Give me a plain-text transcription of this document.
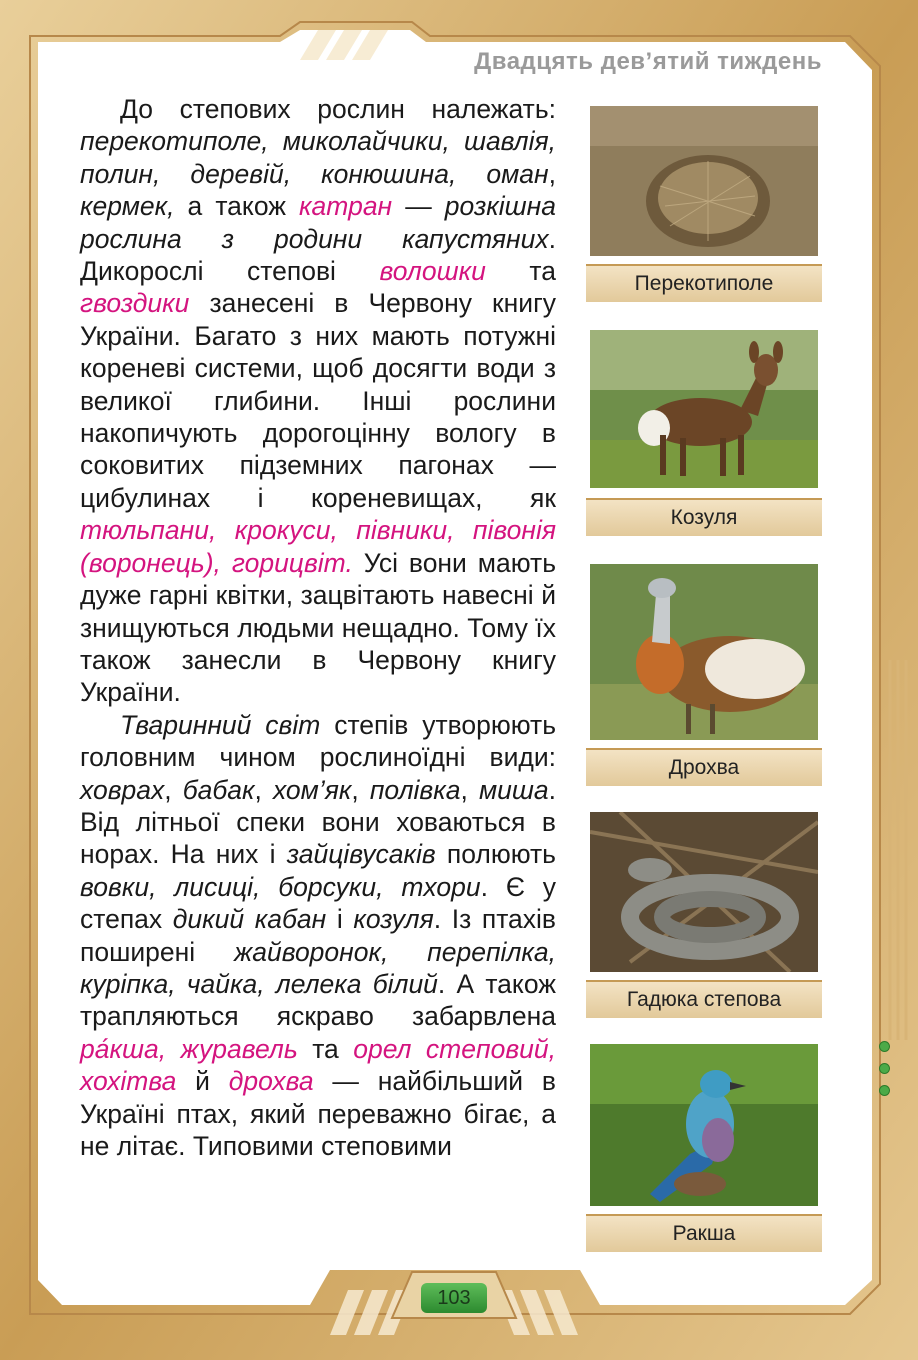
Двадцять дев’ятий тиждень

До степових рослин належать: перекотиполе, миколайчики, шавлія, полин, деревій, конюшина, оман, кермек, а також катран — розкішна рослина з родини капустяних. Дикорослі степові волошки та гвоздики занесені в Червону книгу України. Багато з них мають потужні кореневі системи, щоб досягти води з великої глибини. Інші рослини накопичують дорогоцінну вологу в соковитих підземних пагонах — цибулинах і кореневищах, як тюльпани, крокуси, півники, півонія (воронець), горицвіт. Усі вони мають дуже гарні квітки, зацвітають навесні й знищуються людьми нещадно. Тому їх також занесли в Червону книгу України.

Тваринний світ степів утворюють головним чином рослиноїдні види: ховрах, бабак, хом’як, полівка, миша. Від літньої спеки вони ховаються в норах. На них і зайцівусаків полюють вовки, лисиці, борсуки, тхори. Є у степах дикий кабан і козуля. Із птахів поширені жайворонок, перепілка, куріпка, чайка, лелека білий. А також трапляються яскраво забарвлена ра́кша, журавель та орел степовий, хохітва й дрохва — найбільший в Україні птах, який переважно бігає, а не літає. Типовими степовими

Перекотиполе
Козуля
Дрохва
Гадюка степова
Ракша
103
